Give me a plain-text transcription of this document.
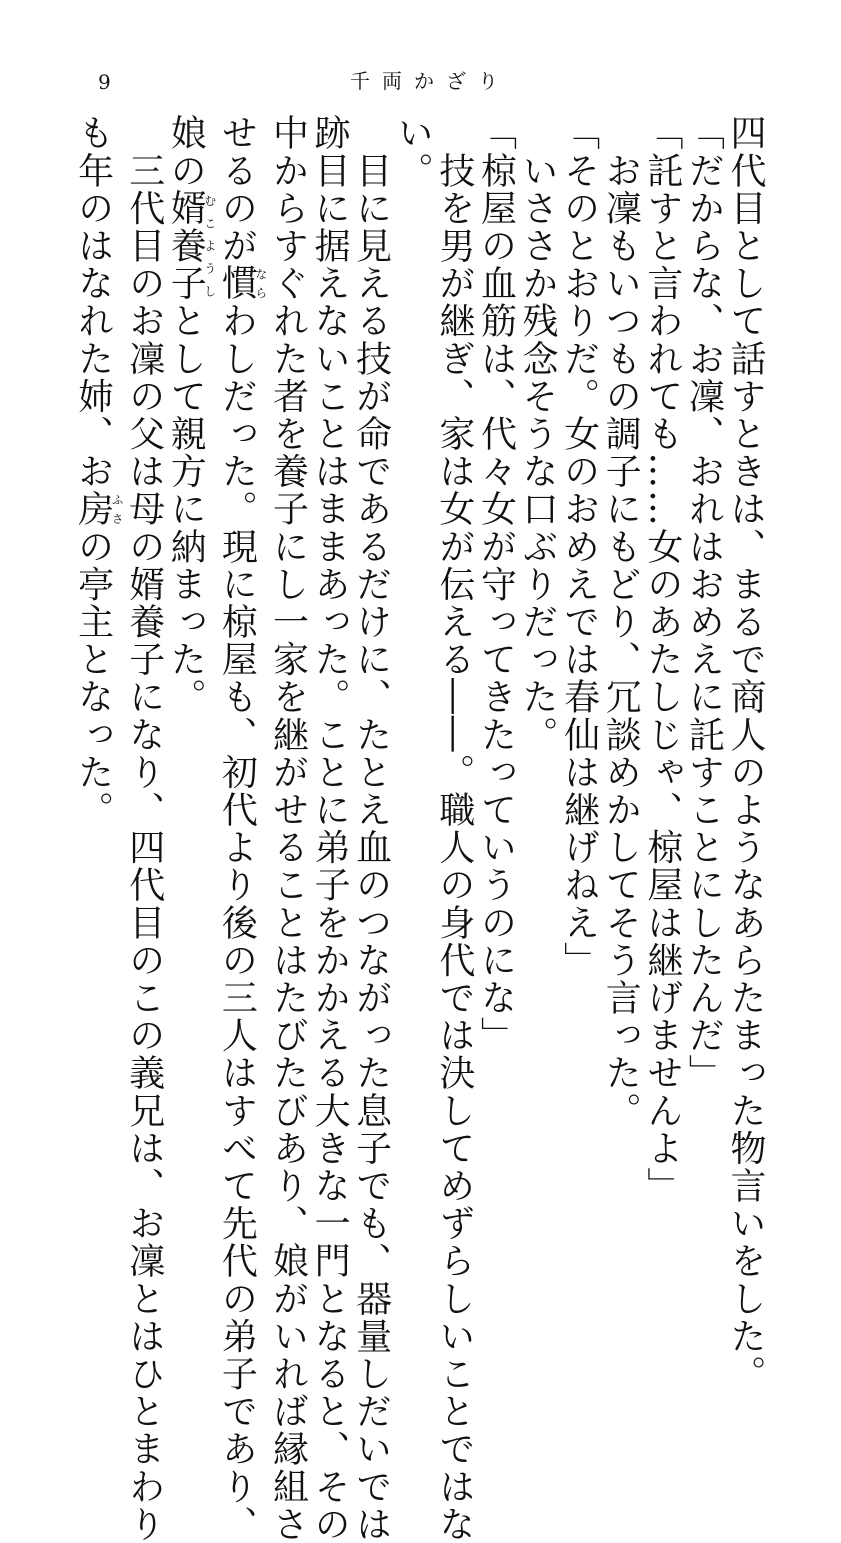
9	千両かざり
四代目として話すときは、まるで商人のようなあらたまった物言いをした。
「だからな、お凜、おれはおめえに託すことにしたんだ」
「託すと言われても……女のあたしじゃ、椋屋は継げませんよ」
　お凜もいつもの調子にもどり、冗談めかしてそう言った。
「そのとおりだ。女のおめえでは春仙は継げねえ」
　いささか残念そうな口ぶりだった。
「椋屋の血筋は、代々女が守ってきたっていうのにな」
　技を男が継ぎ、家は女が伝える――。職人の身代では決してめずらしいことではな
い。
　目に見える技が命であるだけに、たとえ血のつながった息子でも、器量しだいでは
跡目に据えないことはままあった。ことに弟子をかかえる大きな一門となると、その
中からすぐれた者を養子にし一家を継がせることはたびたびあり、娘がいれば縁組さ
せるのが慣ならわしだった。現に椋屋も、初代より後の三人はすべて先代の弟子であり、
娘の婿養子むこようしとして親方に納まった。
　三代目のお凜の父は母の婿養子になり、四代目のこの義兄は、お凜とはひとまわり
も年のはなれた姉、お房ふさの亭主となった。
